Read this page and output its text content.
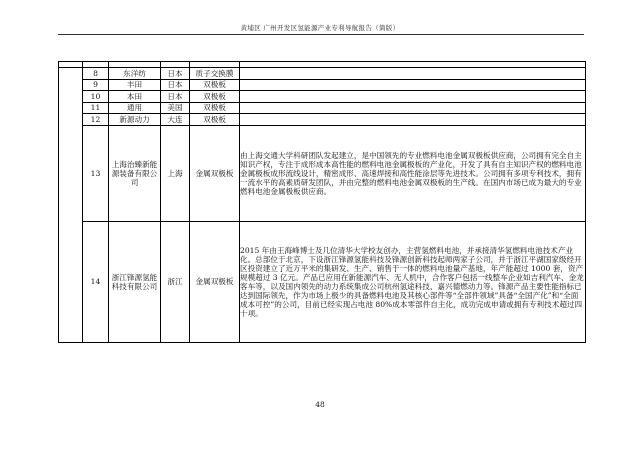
黄埔区 广州开发区氢能源产业专利导航报告（简版）

	8	东洋纺	日本	质子交换膜	
	9	丰田	日本	双极板	
	10	本田	日本	双极板	
	11	通用	美国	双极板	
	12	新源动力	大连	双极板	
	13	上海治臻新能源装备有限公司	上海	金属双极板	由上海交通大学科研团队发起建立，是中国领先的专业燃料电池金属双极板供应商，公司拥有完全自主知识产权，专注于成形成本高性能的燃料电池金属极板的产业化，开发了具有自主知识产权的燃料电池金属极板成形流线设计，精密成形、高速焊接和高性能涂层等先进技术。公司拥有多项专利技术，拥有一流水平的高素质研发团队，并由完整的燃料电池金属双极板的生产线。在国内市场已成为最大的专业燃料电池金属极板供应商。
	14	浙江锋源氢能科技有限公司	浙江	金属双极板	2015 年由王海峰博士及几位清华大学校友创办，主营氢燃料电池，并承接清华氢燃料电池技术产业化。总部位于北京，下设浙江锋源氢能科技及锋源创新科技起师两家子公司，并于浙江平湖国家级经开区投资建立了近万平米的集研发、生产、销售于一体的燃料电池量产基地，年产能超过 1000 套，资产规模超过 3 亿元。产品已应用在新能源汽车、无人机中，合作客户包括一线整车企业如吉利汽车、金龙客车等，以及国内领先的动力系统集成公司杭州氢途科技、嘉兴德燃动力等。锋源产品主要性能指标已达到国际领先，作为市场上极少的具备燃料电池及其核心部件等“全部件领域”具备“全国产化”和“全面成本可控”的公司，目前已经实现占电池 80%成本零部件自主化，成功完成申请或拥有专利技术超过四十项。
48
